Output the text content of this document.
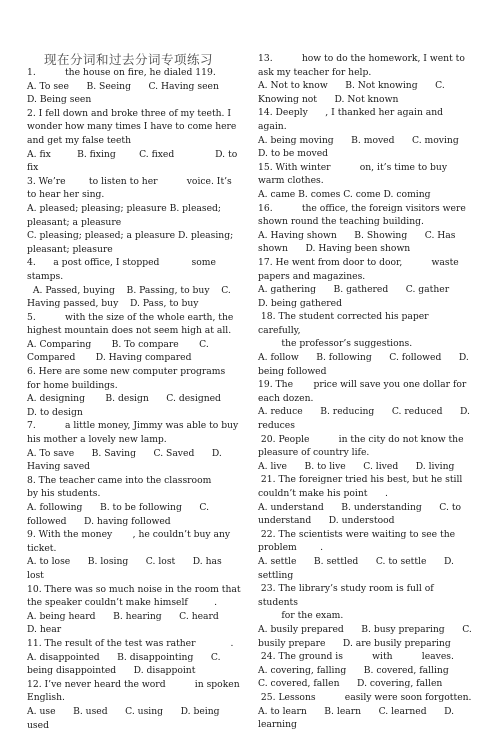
现在分词和过去分词专项练习
1.          the house on fire, he dialed 119.
A. To see      B. Seeing      C. Having seen      D. Being seen
2. I fell down and broke three of my teeth. I wonder how many times I have to come here and get my false teeth
A. fix         B. fixing        C. fixed              D. to fix
3. We’re        to listen to her          voice. It’s          to hear her sing.
A. pleased; pleasing; pleasure B. pleased; pleasant; a pleasure
C. pleasing; pleased; a pleasure D. pleasing; pleasant; pleasure
4.      a post office, I stopped           some stamps.
A. Passed, buying    B. Passing, to buy    C. Having passed, buy    D. Pass, to buy
5.          with the size of the whole earth, the highest mountain does not seem high at all.
A. Comparing       B. To compare       C. Compared       D. Having compared
6. Here are some new computer programs         for home buildings.
A. designing       B. design      C. designed      D. to design
7.          a little money, Jimmy was able to buy his mother a lovely new lamp.
A. To save      B. Saving      C. Saved      D. Having saved
8. The teacher came into the classroom           by his students.
A. following      B. to be following      C. followed      D. having followed
9. With the money       , he couldn’t buy any ticket.
A. to lose      B. losing      C. lost      D. has lost
10. There was so much noise in the room that the speaker couldn’t make himself         .
A. being heard      B. hearing      C. heard      D. hear
11. The result of the test was rather            .
A. disappointed      B. disappointing      C. being disappointed      D. disappoint
12. I’ve never heard the word          in spoken English.
A. use      B. used      C. using      D. being used
13.          how to do the homework, I went to ask my teacher for help.
A. Not to know      B. Not knowing      C. Knowing not      D. Not known
14. Deeply      , I thanked her again and again.
A. being moving      B. moved      C. moving      D. to be moved
15. With winter          on, it’s time to buy warm clothes.
A. came B. comes C. come D. coming
16.          the office, the foreign visitors were shown round the teaching building.
A. Having shown      B. Showing      C. Has shown      D. Having been shown
17. He went from door to door,          waste papers and magazines.
A. gathering      B. gathered      C. gather      D. being gathered
18. The student corrected his paper carefully,
the professor’s suggestions.
A. follow      B. following      C. followed      D. being followed
19. The       price will save you one dollar for each dozen.
A. reduce      B. reducing      C. reduced      D. reduces
20. People          in the city do not know the pleasure of country life.
A. live      B. to live      C. lived      D. living
21. The foreigner tried his best, but he still couldn’t make his point      .
A. understand      B. understanding      C. to understand      D. understood
22. The scientists were waiting to see the problem        .
A. settle      B. settled      C. to settle      D. settling
23. The library’s study room is full of students
for the exam.
A. busily prepared      B. busy preparing      C. busily prepare      D. are busily preparing
24. The ground is          with          leaves.
A. covering, falling      B. covered, falling      C. covered, fallen      D. covering, fallen
25. Lessons          easily were soon forgotten.
A. to learn      B. learn      C. learned      D. learning
